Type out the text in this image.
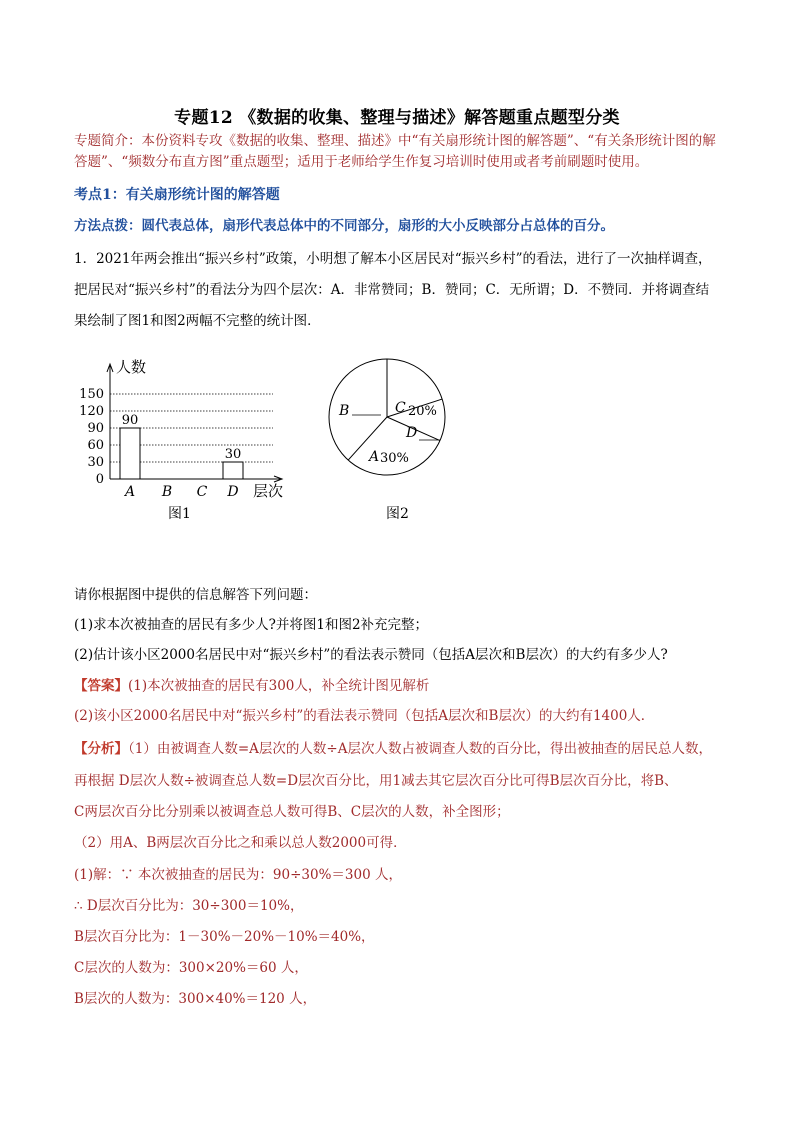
专题12 《数据的收集、整理与描述》解答题重点题型分类
专题简介：本份资料专攻《数据的收集、整理、描述》中“有关扇形统计图的解答题”、“有关条形统计图的解答题”、“频数分布直方图”重点题型；适用于老师给学生作复习培训时使用或者考前刷题时使用。
考点1：有关扇形统计图的解答题
方法点拨：圆代表总体，扇形代表总体中的不同部分，扇形的大小反映部分占总体的百分。
1．2021年两会推出“振兴乡村”政策，小明想了解本小区居民对“振兴乡村”的看法，进行了一次抽样调查，
把居民对“振兴乡村”的看法分为四个层次：A．非常赞同；B．赞同；C．无所谓；D．不赞同．并将调查结
果绘制了图1和图2两幅不完整的统计图．
0
30
60
90
120
150
人数
层次
A
90
B C D
30
图1
C 20%
D
A 30%
B
图2
请你根据图中提供的信息解答下列问题：
(1)求本次被抽查的居民有多少人?并将图1和图2补充完整；
(2)估计该小区2000名居民中对“振兴乡村”的看法表示赞同（包括A层次和B层次）的大约有多少人?
【答案】(1)本次被抽查的居民有300人，补全统计图见解析
(2)该小区2000名居民中对“振兴乡村”的看法表示赞同（包括A层次和B层次）的大约有1400人．
【分析】（1）由被调查人数=A层次的人数÷A层次人数占被调查人数的百分比，得出被抽查的居民总人数，
再根据 D层次人数÷被调查总人数=D层次百分比，用1减去其它层次百分比可得B层次百分比，将B、
C两层次百分比分别乘以被调查总人数可得B、C层次的人数，补全图形；
（2）用A、B两层次百分比之和乘以总人数2000可得．
(1)解：∵ 本次被抽查的居民为：90÷30%＝300 人，
∴ D层次百分比为：30÷300＝10%，
B层次百分比为：1－30%－20%－10%＝40%，
C层次的人数为：300×20%＝60 人，
B层次的人数为：300×40%＝120 人，
